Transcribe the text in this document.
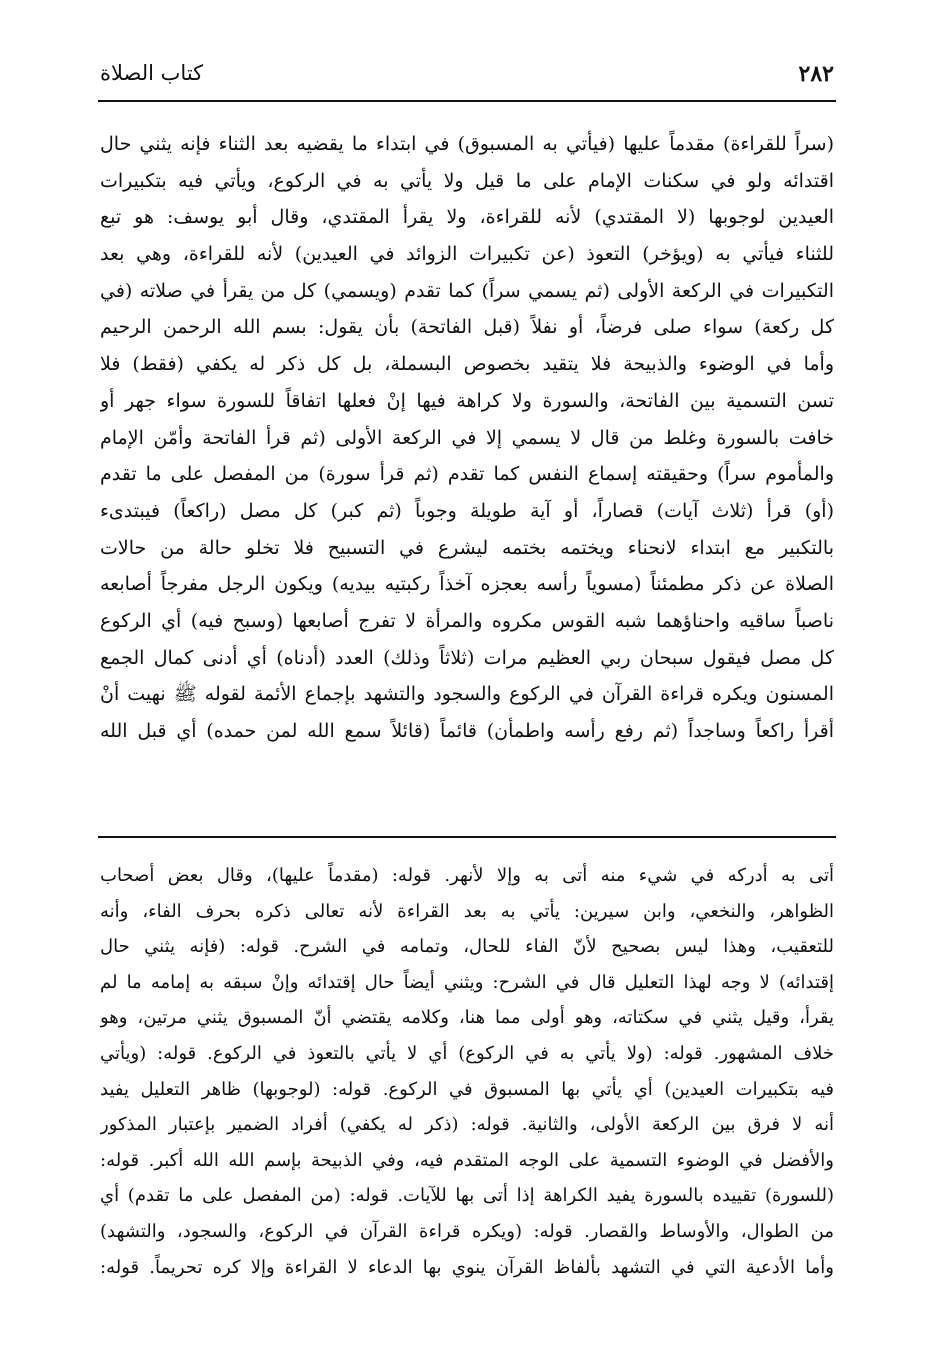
٢٨٢
كتاب الصلاة
(سراً للقراءة) مقدماً عليها (فيأتي به المسبوق) في ابتداء ما يقضيه بعد الثناء فإنه يثني حال
اقتدائه ولو في سكنات الإمام على ما قيل ولا يأتي به في الركوع، ويأتي فيه بتكبيرات
العيدين لوجوبها (لا المقتدي) لأنه للقراءة، ولا يقرأ المقتدي، وقال أبو يوسف: هو تبع
للثناء فيأتي به (ويؤخر) التعوذ (عن تكبيرات الزوائد في العيدين) لأنه للقراءة، وهي بعد
التكبيرات في الركعة الأولى (ثم يسمي سراً) كما تقدم (ويسمي) كل من يقرأ في صلاته (في
كل ركعة) سواء صلى فرضاً، أو نفلاً (قبل الفاتحة) بأن يقول: بسم الله الرحمن الرحيم
وأما في الوضوء والذبيحة فلا يتقيد بخصوص البسملة، بل كل ذكر له يكفي (فقط) فلا
تسن التسمية بين الفاتحة، والسورة ولا كراهة فيها إنْ فعلها اتفاقاً للسورة سواء جهر أو
خافت بالسورة وغلط من قال لا يسمي إلا في الركعة الأولى (ثم قرأ الفاتحة وأمّن الإمام
والمأموم سراً) وحقيقته إسماع النفس كما تقدم (ثم قرأ سورة) من المفصل على ما تقدم
(أو) قرأ (ثلاث آيات) قصاراً، أو آية طويلة وجوباً (ثم كبر) كل مصل (راكعاً) فيبتدىء
بالتكبير مع ابتداء لانحناء ويختمه بختمه ليشرع في التسبيح فلا تخلو حالة من حالات
الصلاة عن ذكر مطمئناً (مسوياً رأسه بعجزه آخذاً ركبتيه بيديه) ويكون الرجل مفرجاً أصابعه
ناصباً ساقيه واحناؤهما شبه القوس مكروه والمرأة لا تفرج أصابعها (وسبح فيه) أي الركوع
كل مصل فيقول سبحان ربي العظيم مرات (ثلاثاً وذلك) العدد (أدناه) أي أدنى كمال الجمع
المسنون ويكره قراءة القرآن في الركوع والسجود والتشهد بإجماع الأئمة لقوله ﷺ نهيت أنْ
أقرأ راكعاً وساجداً (ثم رفع رأسه واطمأن) قائماً (قائلاً سمع الله لمن حمده) أي قبل الله
أتى به أدركه في شيء منه أتى به وإلا لأنهر. قوله: (مقدماً عليها)، وقال بعض أصحاب
الظواهر، والنخعي، وابن سيرين: يأتي به بعد القراءة لأنه تعالى ذكره بحرف الفاء، وأنه
للتعقيب، وهذا ليس بصحيح لأنّ الفاء للحال، وتمامه في الشرح. قوله: (فإنه يثني حال
إقتدائه) لا وجه لهذا التعليل قال في الشرح: ويثني أيضاً حال إقتدائه وإنْ سبقه به إمامه ما لم
يقرأ، وقيل يثني في سكتاته، وهو أولى مما هنا، وكلامه يقتضي أنّ المسبوق يثني مرتين، وهو
خلاف المشهور. قوله: (ولا يأتي به في الركوع) أي لا يأتي بالتعوذ في الركوع. قوله: (ويأتي
فيه بتكبيرات العيدين) أي يأتي بها المسبوق في الركوع. قوله: (لوجوبها) ظاهر التعليل يفيد
أنه لا فرق بين الركعة الأولى، والثانية. قوله: (ذكر له يكفي) أفراد الضمير بإعتبار المذكور
والأفضل في الوضوء التسمية على الوجه المتقدم فيه، وفي الذبيحة بإسم الله الله أكبر. قوله:
(للسورة) تقييده بالسورة يفيد الكراهة إذا أتى بها للآيات. قوله: (من المفصل على ما تقدم) أي
من الطوال، والأوساط والقصار. قوله: (ويكره قراءة القرآن في الركوع، والسجود، والتشهد)
وأما الأدعية التي في التشهد بألفاظ القرآن ينوي بها الدعاء لا القراءة وإلا كره تحريماً. قوله:
